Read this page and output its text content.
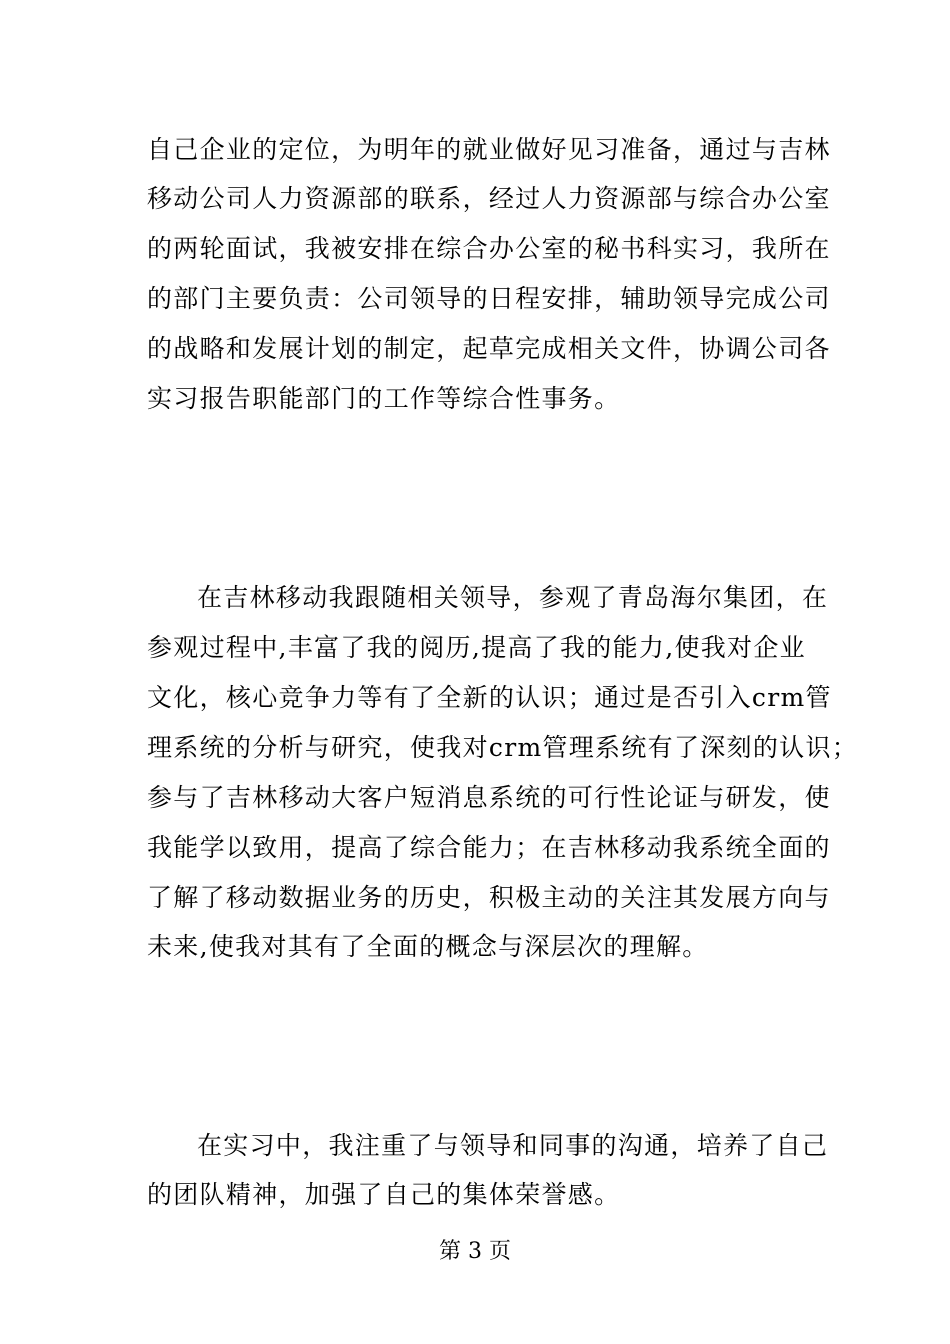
自己企业的定位，为明年的就业做好见习准备，通过与吉林
移动公司人力资源部的联系，经过人力资源部与综合办公室
的两轮面试，我被安排在综合办公室的秘书科实习，我所在
的部门主要负责：公司领导的日程安排，辅助领导完成公司
的战略和发展计划的制定，起草完成相关文件，协调公司各
实习报告职能部门的工作等综合性事务。
在吉林移动我跟随相关领导，参观了青岛海尔集团，在
参观过程中,丰富了我的阅历,提高了我的能力,使我对企业
文化，核心竞争力等有了全新的认识；通过是否引入crm管
理系统的分析与研究，使我对crm管理系统有了深刻的认识；
参与了吉林移动大客户短消息系统的可行性论证与研发，使
我能学以致用，提高了综合能力；在吉林移动我系统全面的
了解了移动数据业务的历史，积极主动的关注其发展方向与
未来,使我对其有了全面的概念与深层次的理解。
在实习中，我注重了与领导和同事的沟通，培养了自己
的团队精神，加强了自己的集体荣誉感。
第 3 页
